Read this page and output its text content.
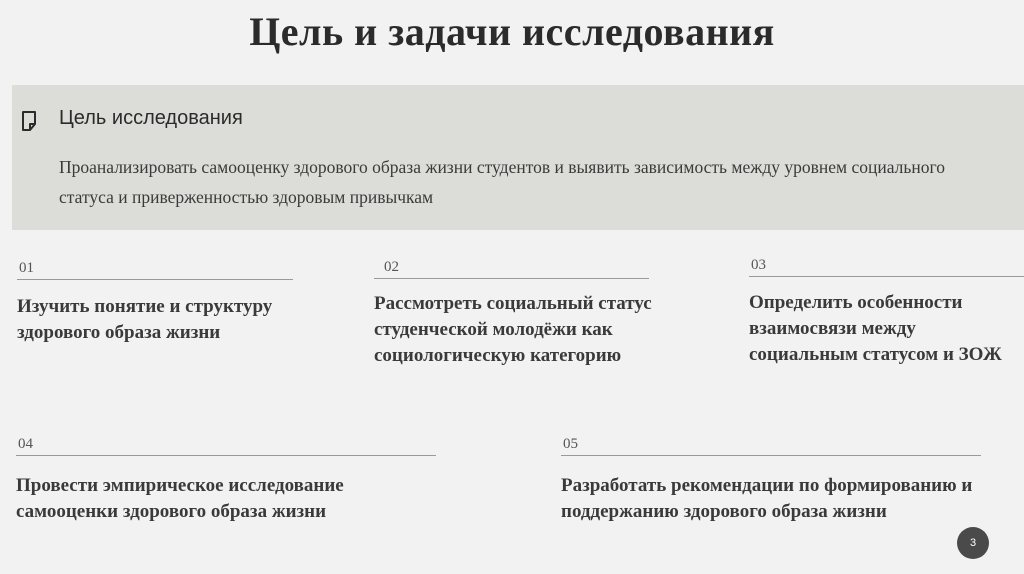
Цель и задачи исследования
Цель исследования
Проанализировать самооценку здорового образа жизни студентов и выявить зависимость между уровнем социального статуса и приверженностью здоровым привычкам
01
Изучить понятие и структуру здорового образа жизни
02
Рассмотреть социальный статус студенческой молодёжи как социологическую категорию
03
Определить особенности взаимосвязи между социальным статусом и ЗОЖ
04
Провести эмпирическое исследование самооценки здорового образа жизни
05
Разработать рекомендации по формированию и поддержанию здорового образа жизни
3
